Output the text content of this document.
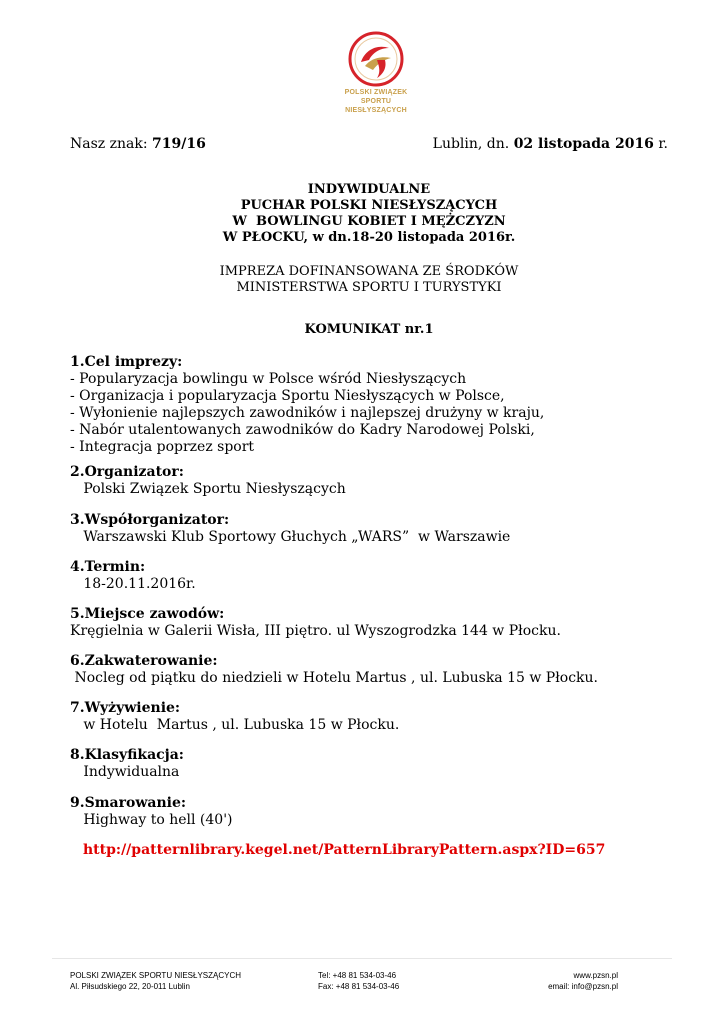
POLSKI ZWIĄZEK
SPORTU NIESŁYSZĄCYCH
Nasz znak: 719/16	Lublin, dn. 02 listopada 2016 r.
INDYWIDUALNE
PUCHAR POLSKI NIESŁYSZĄCYCH
W  BOWLINGU KOBIET I MĘŻCZYZN
W PŁOCKU, w dn.18-20 listopada 2016r.
IMPREZA DOFINANSOWANA ZE ŚRODKÓW
MINISTERSTWA SPORTU I TURYSTYKI
KOMUNIKAT nr.1
1.Cel imprezy:
- Popularyzacja bowlingu w Polsce wśród Niesłyszących
- Organizacja i popularyzacja Sportu Niesłyszących w Polsce,
- Wyłonienie najlepszych zawodników i najlepszej drużyny w kraju,
- Nabór utalentowanych zawodników do Kadry Narodowej Polski,
- Integracja poprzez sport
2.Organizator:
Polski Związek Sportu Niesłyszących
3.Współorganizator:
Warszawski Klub Sportowy Głuchych „WARS”  w Warszawie
4.Termin:
18-20.11.2016r.
5.Miejsce zawodów:
Kręgielnia w Galerii Wisła, III piętro. ul Wyszogrodzka 144 w Płocku.
6.Zakwaterowanie:
Nocleg od piątku do niedzieli w Hotelu Martus , ul. Lubuska 15 w Płocku.
7.Wyżywienie:
w Hotelu  Martus , ul. Lubuska 15 w Płocku.
8.Klasyfikacja:
Indywidualna
9.Smarowanie:
Highway to hell (40')
http://patternlibrary.kegel.net/PatternLibraryPattern.aspx?ID=657
POLSKI ZWIĄZEK SPORTU NIESŁYSZĄCYCH
Al. Piłsudskiego 22, 20-011 Lublin
Tel: +48 81 534-03-46
Fax: +48 81 534-03-46
www.pzsn.pl
email: info@pzsn.pl
